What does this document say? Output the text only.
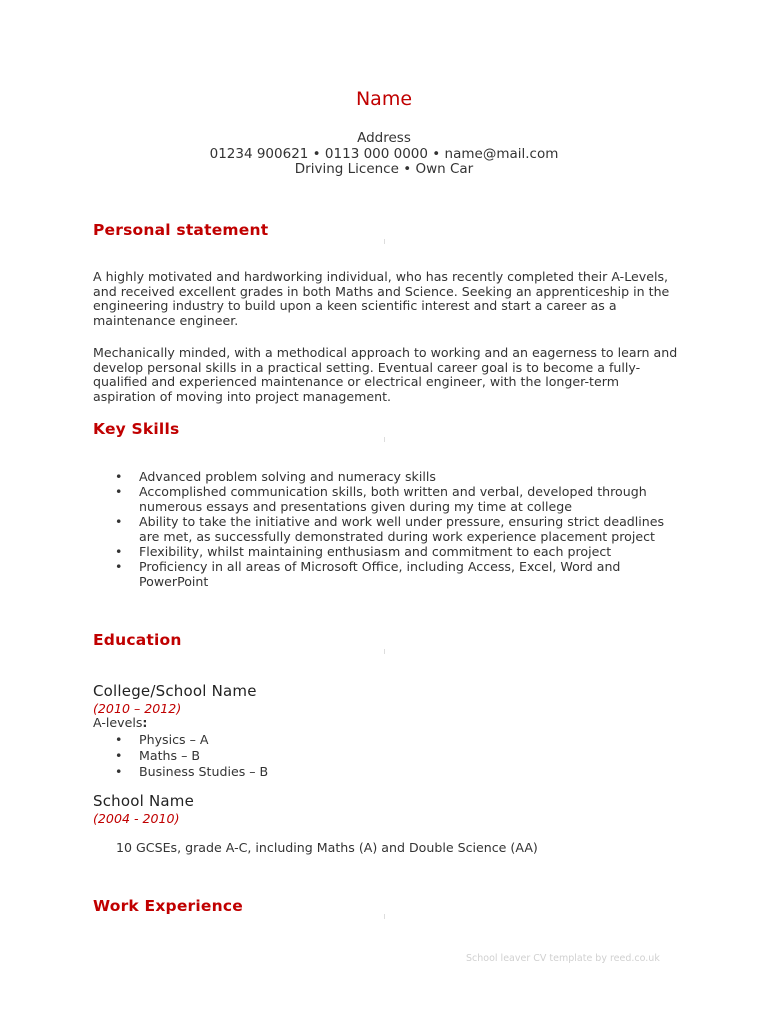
Name
Address
01234 900621 • 0113 000 0000 • name@mail.com
Driving Licence • Own Car
Personal statement
A highly motivated and hardworking individual, who has recently completed their A-Levels, and received excellent grades in both Maths and Science. Seeking an apprenticeship in the engineering industry to build upon a keen scientific interest and start a career as a maintenance engineer.
Mechanically minded, with a methodical approach to working and an eagerness to learn and develop personal skills in a practical setting. Eventual career goal is to become a fully-qualified and experienced maintenance or electrical engineer, with the longer-term aspiration of moving into project management.
Key Skills
• Advanced problem solving and numeracy skills
• Accomplished communication skills, both written and verbal, developed through numerous essays and presentations given during my time at college
• Ability to take the initiative and work well under pressure, ensuring strict deadlines are met, as successfully demonstrated during work experience placement project
• Flexibility, whilst maintaining enthusiasm and commitment to each project
• Proficiency in all areas of Microsoft Office, including Access, Excel, Word and PowerPoint
Education
College/School Name
(2010 – 2012)
A-levels:
• Physics – A
• Maths – B
• Business Studies – B
School Name
(2004 - 2010)
10 GCSEs, grade A-C, including Maths (A) and Double Science (AA)
Work Experience
School leaver CV template by reed.co.uk
